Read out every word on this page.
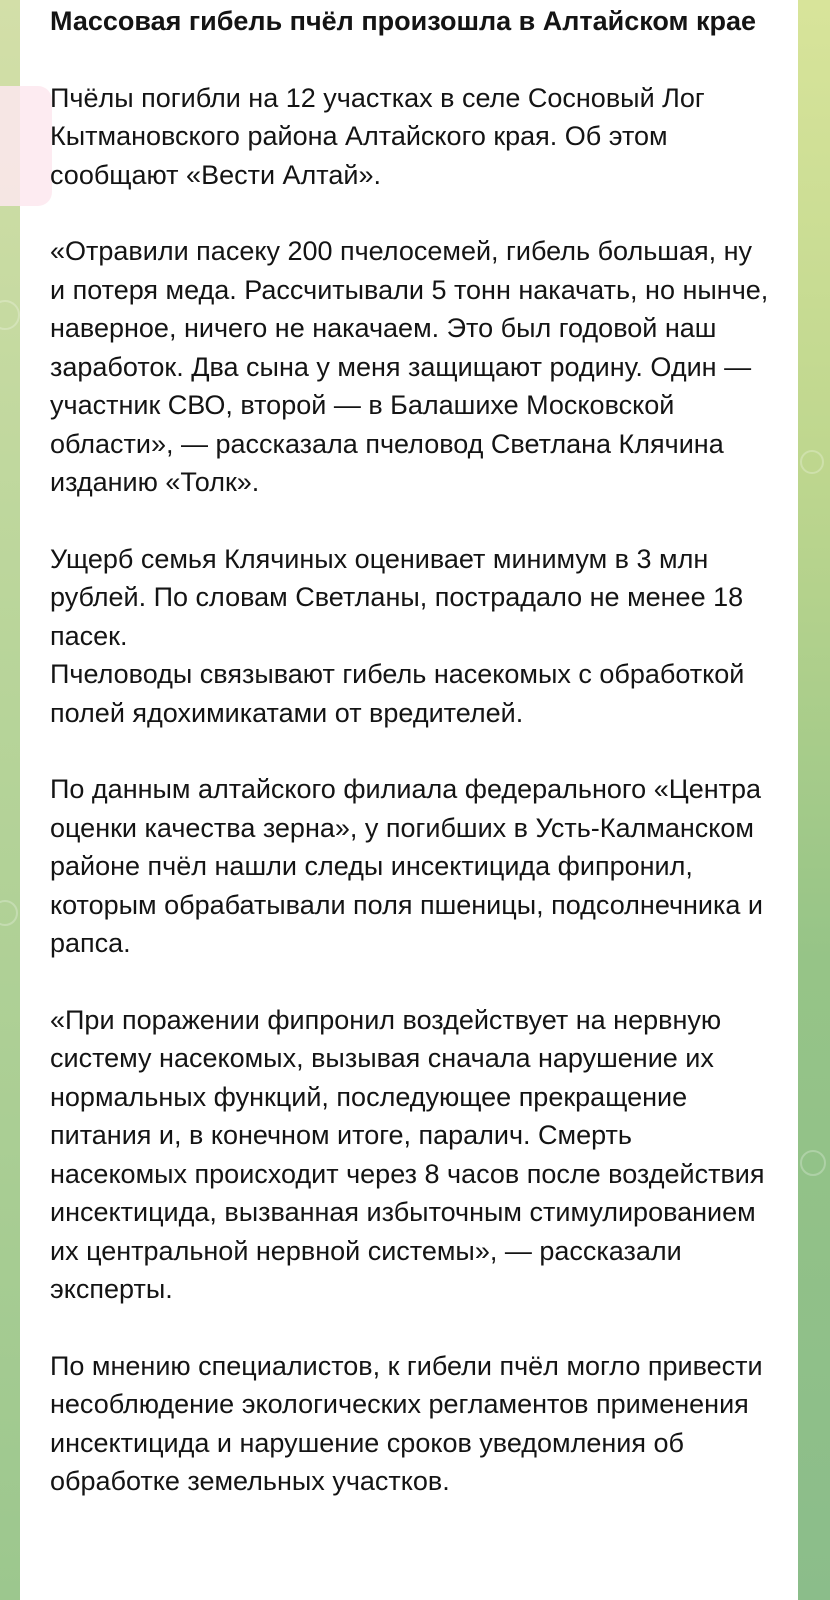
Массовая гибель пчёл произошла в Алтайском крае
Пчёлы погибли на 12 участках в селе Сосновый Лог Кытмановского района Алтайского края. Об этом сообщают «Вести Алтай».
«Отравили пасеку 200 пчелосемей, гибель большая, ну и потеря меда. Рассчитывали 5 тонн накачать, но нынче, наверное, ничего не накачаем. Это был годовой наш заработок. Два сына у меня защищают родину. Один — участник СВО, второй — в Балашихе Московской области», — рассказала пчеловод Светлана Клячина изданию «Толк».
Ущерб семья Клячиных оценивает минимум в 3 млн рублей. По словам Светланы, пострадало не менее 18 пасек.
Пчеловоды связывают гибель насекомых с обработкой полей ядохимикатами от вредителей.
По данным алтайского филиала федерального «Центра оценки качества зерна», у погибших в Усть-Калманском районе пчёл нашли следы инсектицида фипронил, которым обрабатывали поля пшеницы, подсолнечника и рапса.
«При поражении фипронил воздействует на нервную систему насекомых, вызывая сначала нарушение их нормальных функций, последующее прекращение питания и, в конечном итоге, паралич. Смерть насекомых происходит через 8 часов после воздействия инсектицида, вызванная избыточным стимулированием их центральной нервной системы», — рассказали эксперты.
По мнению специалистов, к гибели пчёл могло привести несоблюдение экологических регламентов применения инсектицида и нарушение сроков уведомления об обработке земельных участков.
